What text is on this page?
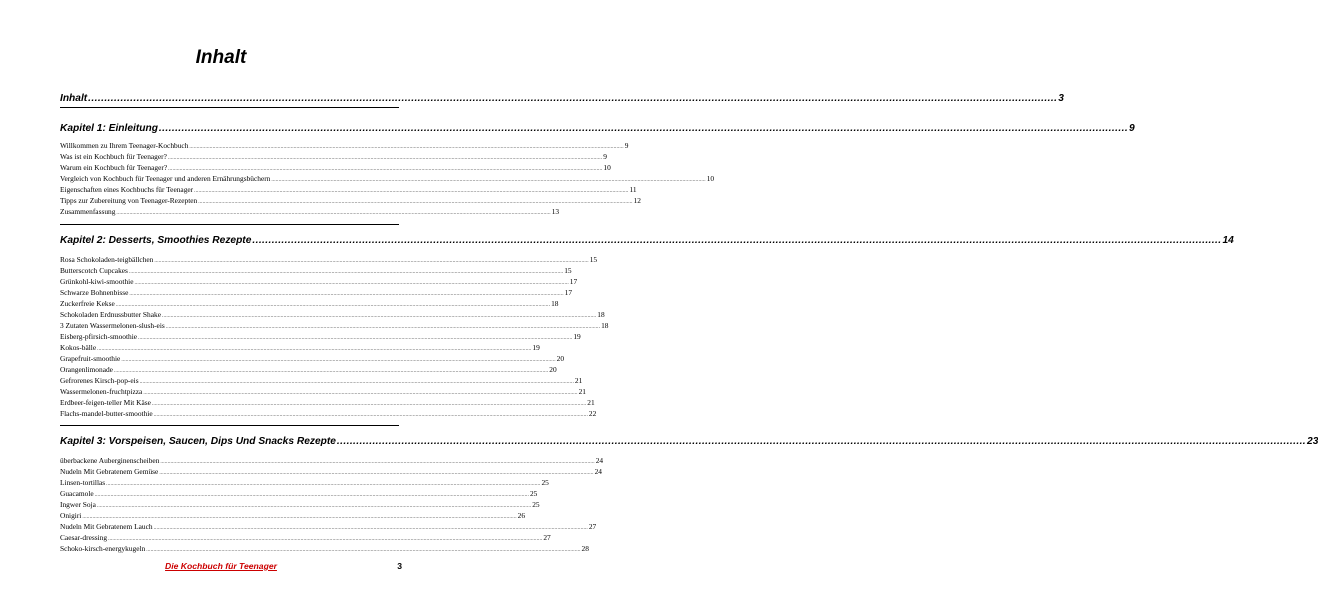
Inhalt
Inhalt ............................................................................................................................................................................................................................................................................................................ 3
Kapitel 1: Einleitung ............................................................................................................................................................................................................................................................................................................ 9
Willkommen zu Ihrem Teenager-Kochbuch ............................................................................................................................................................................................................................................................................................................ 9
Was ist ein Kochbuch für Teenager? ............................................................................................................................................................................................................................................................................................................ 9
Warum ein Kochbuch für Teenager? ............................................................................................................................................................................................................................................................................................................ 10
Vergleich von Kochbuch für Teenager und anderen Ernährungsbüchern ............................................................................................................................................................................................................................................................................................................ 10
Eigenschaften eines Kochbuchs für Teenager ............................................................................................................................................................................................................................................................................................................ 11
Tipps zur Zubereitung von Teenager-Rezepten ............................................................................................................................................................................................................................................................................................................ 12
Zusammenfassung ............................................................................................................................................................................................................................................................................................................ 13
Kapitel 2: Desserts, Smoothies Rezepte ............................................................................................................................................................................................................................................................................................................ 14
Rosa Schokoladen-teigbällchen ............................................................................................................................................................................................................................................................................................................ 15
Butterscotch Cupcakes ............................................................................................................................................................................................................................................................................................................ 15
Grünkohl-kiwi-smoothie ............................................................................................................................................................................................................................................................................................................ 17
Schwarze Bohnenbisse ............................................................................................................................................................................................................................................................................................................ 17
Zuckerfreie Kekse ............................................................................................................................................................................................................................................................................................................ 18
Schokoladen Erdnussbutter Shake ............................................................................................................................................................................................................................................................................................................ 18
3 Zutaten Wassermelonen-slush-eis ............................................................................................................................................................................................................................................................................................................ 18
Eisberg-pfirsich-smoothie ............................................................................................................................................................................................................................................................................................................ 19
Kokos-bälle ............................................................................................................................................................................................................................................................................................................ 19
Grapefruit-smoothie ............................................................................................................................................................................................................................................................................................................ 20
Orangenlimonade ............................................................................................................................................................................................................................................................................................................ 20
Gefrorenes Kirsch-pop-eis ............................................................................................................................................................................................................................................................................................................ 21
Wassermelonen-fruchtpizza ............................................................................................................................................................................................................................................................................................................ 21
Erdbeer-feigen-teller Mit Käse ............................................................................................................................................................................................................................................................................................................ 21
Flachs-mandel-butter-smoothie ............................................................................................................................................................................................................................................................................................................ 22
Kapitel 3: Vorspeisen, Saucen, Dips Und Snacks Rezepte ............................................................................................................................................................................................................................................................................................................ 23
überbackene Auberginenscheiben ............................................................................................................................................................................................................................................................................................................ 24
Nudeln Mit Gebratenem Gemüse ............................................................................................................................................................................................................................................................................................................ 24
Linsen-tortillas ............................................................................................................................................................................................................................................................................................................ 25
Guacamole ............................................................................................................................................................................................................................................................................................................ 25
Ingwer Soja ............................................................................................................................................................................................................................................................................................................ 25
Onigiri ............................................................................................................................................................................................................................................................................................................ 26
Nudeln Mit Gebratenem Lauch ............................................................................................................................................................................................................................................................................................................ 27
Caesar-dressing ............................................................................................................................................................................................................................................................................................................ 27
Schoko-kirsch-energykugeln ............................................................................................................................................................................................................................................................................................................ 28
Die Kochbuch für Teenager	3
